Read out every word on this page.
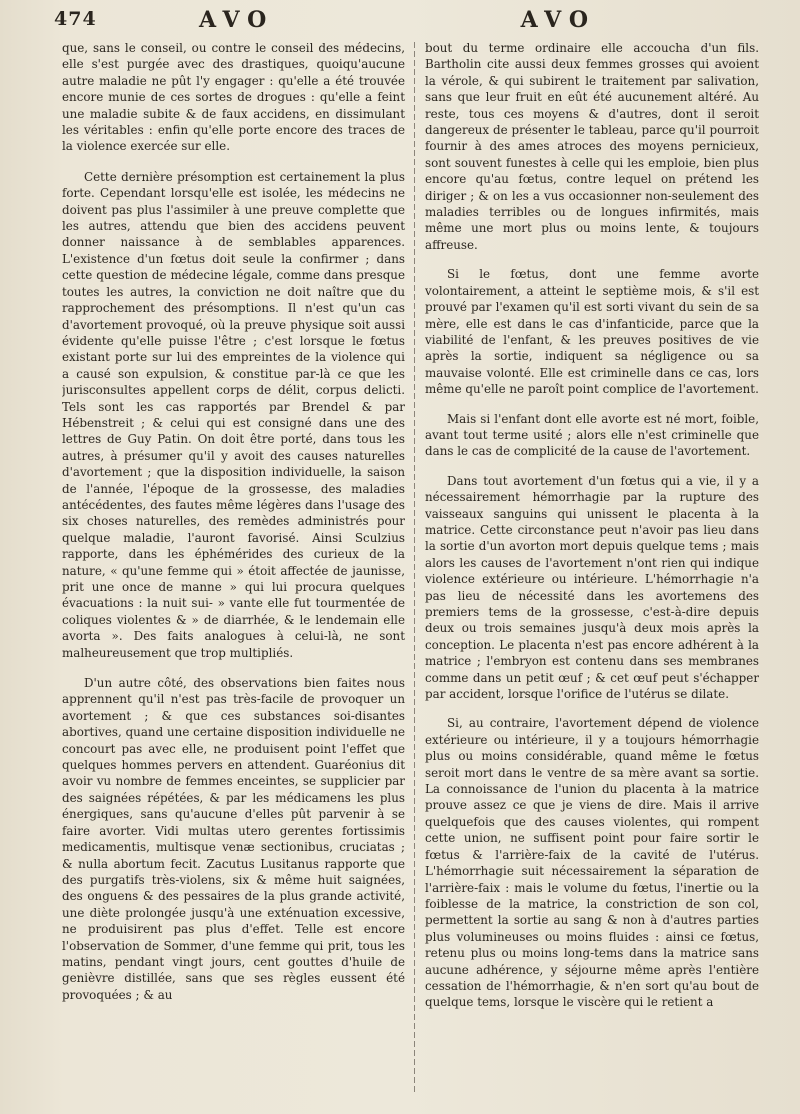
474	AVO	AVO

que, sans le conseil, ou contre le conseil des médecins, elle s'est purgée avec des drastiques, quoiqu'aucune autre maladie ne pût l'y engager : qu'elle a été trouvée encore munie de ces sortes de drogues : qu'elle a feint une maladie subite & de faux accidens, en dissimulant les véritables : enfin qu'elle porte encore des traces de la violence exercée sur elle.

Cette dernière présomption est certainement la plus forte. Cependant lorsqu'elle est isolée, les médecins ne doivent pas plus l'assimiler à une preuve complette que les autres, attendu que bien des accidens peuvent donner naissance à de semblables apparences. L'existence d'un fœtus doit seule la confirmer ; dans cette question de médecine légale, comme dans presque toutes les autres, la conviction ne doit naître que du rapprochement des présomptions. Il n'est qu'un cas d'avortement provoqué, où la preuve physique soit aussi évidente qu'elle puisse l'être ; c'est lorsque le fœtus existant porte sur lui des empreintes de la violence qui a causé son expulsion, & constitue par-là ce que les jurisconsultes appellent corps de délit, corpus delicti. Tels sont les cas rapportés par Brendel & par Hébenstreit ; & celui qui est consigné dans une des lettres de Guy Patin. On doit être porté, dans tous les autres, à présumer qu'il y avoit des causes naturelles d'avortement ; que la disposition individuelle, la saison de l'année, l'époque de la grossesse, des maladies antécédentes, des fautes même légères dans l'usage des six choses naturelles, des remèdes administrés pour quelque maladie, l'auront favorisé. Ainsi Sculzius rapporte, dans les éphémérides des curieux de la nature, « qu'une femme qui » étoit affectée de jaunisse, prit une once de manne » qui lui procura quelques évacuations : la nuit sui- » vante elle fut tourmentée de coliques violentes & » de diarrhée, & le lendemain elle avorta ». Des faits analogues à celui-là, ne sont malheureusement que trop multipliés.

D'un autre côté, des observations bien faites nous apprennent qu'il n'est pas très-facile de provoquer un avortement ; & que ces substances soi-disantes abortives, quand une certaine disposition individuelle ne concourt pas avec elle, ne produisent point l'effet que quelques hommes pervers en attendent. Guaréonius dit avoir vu nombre de femmes enceintes, se supplicier par des saignées répétées, & par les médicamens les plus énergiques, sans qu'aucune d'elles pût parvenir à se faire avorter. Vidi multas utero gerentes fortissimis medicamentis, multisque venæ sectionibus, cruciatas ; & nulla abortum fecit. Zacutus Lusitanus rapporte que des purgatifs très-violens, six & même huit saignées, des onguens & des pessaires de la plus grande activité, une diète prolongée jusqu'à une exténuation excessive, ne produisirent pas plus d'effet. Telle est encore l'observation de Sommer, d'une femme qui prit, tous les matins, pendant vingt jours, cent gouttes d'huile de genièvre distillée, sans que ses règles eussent été provoquées ; & au

bout du terme ordinaire elle accoucha d'un fils. Bartholin cite aussi deux femmes grosses qui avoient la vérole, & qui subirent le traitement par salivation, sans que leur fruit en eût été aucunement altéré. Au reste, tous ces moyens & d'autres, dont il seroit dangereux de présenter le tableau, parce qu'il pourroit fournir à des ames atroces des moyens pernicieux, sont souvent funestes à celle qui les emploie, bien plus encore qu'au fœtus, contre lequel on prétend les diriger ; & on les a vus occasionner non-seulement des maladies terribles ou de longues infirmités, mais même une mort plus ou moins lente, & toujours affreuse.

Si le fœtus, dont une femme avorte volontairement, a atteint le septième mois, & s'il est prouvé par l'examen qu'il est sorti vivant du sein de sa mère, elle est dans le cas d'infanticide, parce que la viabilité de l'enfant, & les preuves positives de vie après la sortie, indiquent sa négligence ou sa mauvaise volonté. Elle est criminelle dans ce cas, lors même qu'elle ne paroît point complice de l'avortement.

Mais si l'enfant dont elle avorte est né mort, foible, avant tout terme usité ; alors elle n'est criminelle que dans le cas de complicité de la cause de l'avortement.

Dans tout avortement d'un fœtus qui a vie, il y a nécessairement hémorrhagie par la rupture des vaisseaux sanguins qui unissent le placenta à la matrice. Cette circonstance peut n'avoir pas lieu dans la sortie d'un avorton mort depuis quelque tems ; mais alors les causes de l'avortement n'ont rien qui indique violence extérieure ou intérieure. L'hémorrhagie n'a pas lieu de nécessité dans les avortemens des premiers tems de la grossesse, c'est-à-dire depuis deux ou trois semaines jusqu'à deux mois après la conception. Le placenta n'est pas encore adhérent à la matrice ; l'embryon est contenu dans ses membranes comme dans un petit œuf ; & cet œuf peut s'échapper par accident, lorsque l'orifice de l'utérus se dilate.

Si, au contraire, l'avortement dépend de violence extérieure ou intérieure, il y a toujours hémorrhagie plus ou moins considérable, quand même le fœtus seroit mort dans le ventre de sa mère avant sa sortie. La connoissance de l'union du placenta à la matrice prouve assez ce que je viens de dire. Mais il arrive quelquefois que des causes violentes, qui rompent cette union, ne suffisent point pour faire sortir le fœtus & l'arrière-faix de la cavité de l'utérus. L'hémorrhagie suit nécessairement la séparation de l'arrière-faix : mais le volume du fœtus, l'inertie ou la foiblesse de la matrice, la constriction de son col, permettent la sortie au sang & non à d'autres parties plus volumineuses ou moins fluides : ainsi ce fœtus, retenu plus ou moins long-tems dans la matrice sans aucune adhérence, y séjourne même après l'entière cessation de l'hémorrhagie, & n'en sort qu'au bout de quelque tems, lorsque le viscère qui le retient a
